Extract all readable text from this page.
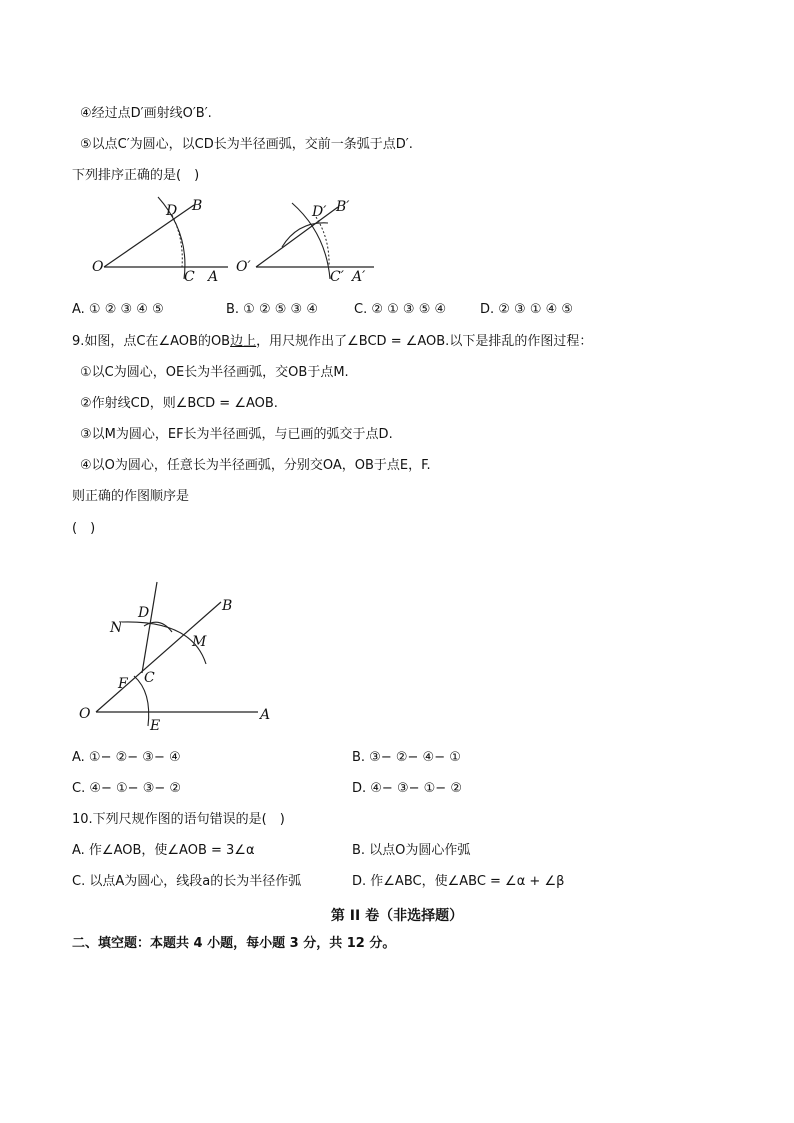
④经过点D′画射线O′B′.
⑤以点C′为圆心，以CD长为半径画弧，交前一条弧于点D′.
下列排序正确的是(　)
O
D B
C A
O′
D′ B′
C′ A′
A. ① ② ③ ④ ⑤	B. ① ② ⑤ ③ ④	C. ② ① ③ ⑤ ④	D. ② ③ ① ④ ⑤
9.如图，点C在∠AOB的OB边上，用尺规作出了∠BCD = ∠AOB.以下是排乱的作图过程：
①以C为圆心，OE长为半径画弧，交OB于点M.
②作射线CD，则∠BCD = ∠AOB.
③以M为圆心，EF长为半径画弧，与已画的弧交于点D.
④以O为圆心，任意长为半径画弧，分别交OA，OB于点E，F.
则正确的作图顺序是
(　)
N
D	B
M
F C
O
E
A
A. ①− ②− ③− ④	B. ③− ②− ④− ①
C. ④− ①− ③− ②	D. ④− ③− ①− ②
10.下列尺规作图的语句错误的是(　)
A. 作∠AOB，使∠AOB = 3∠α	B. 以点O为圆心作弧
C. 以点A为圆心，线段a的长为半径作弧	D. 作∠ABC，使∠ABC = ∠α + ∠β
第 II 卷（非选择题）
二、填空题：本题共 4 小题，每小题 3 分，共 12 分。
